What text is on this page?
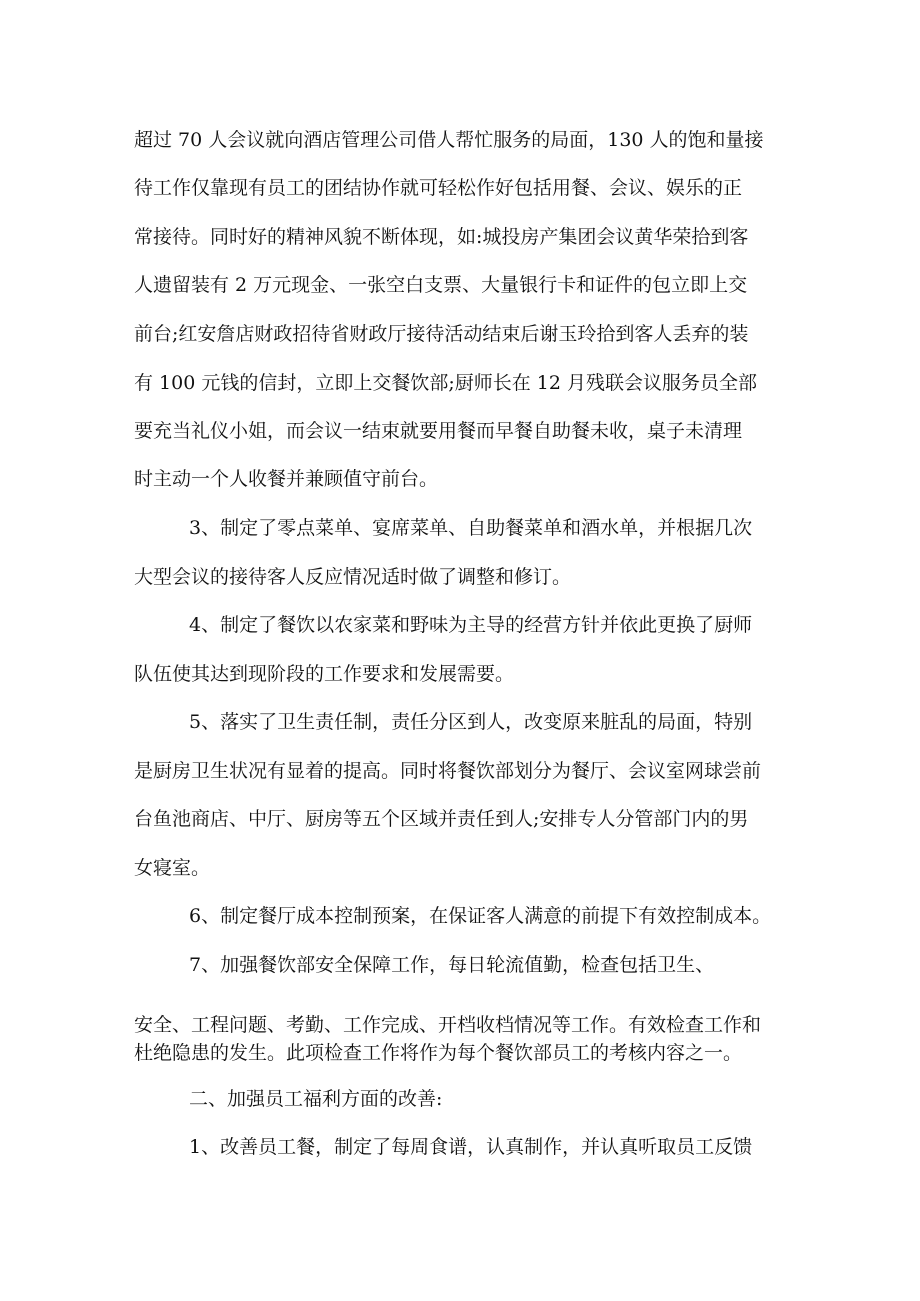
超过 70 人会议就向酒店管理公司借人帮忙服务的局面，130 人的饱和量接
待工作仅靠现有员工的团结协作就可轻松作好包括用餐、会议、娱乐的正
常接待。同时好的精神风貌不断体现，如:城投房产集团会议黄华荣拾到客
人遗留装有 2 万元现金、一张空白支票、大量银行卡和证件的包立即上交
前台;红安詹店财政招待省财政厅接待活动结束后谢玉玲拾到客人丢弃的装
有 100 元钱的信封，立即上交餐饮部;厨师长在 12 月残联会议服务员全部
要充当礼仪小姐，而会议一结束就要用餐而早餐自助餐未收，桌子未清理
时主动一个人收餐并兼顾值守前台。
3、制定了零点菜单、宴席菜单、自助餐菜单和酒水单，并根据几次
大型会议的接待客人反应情况适时做了调整和修订。
4、制定了餐饮以农家菜和野味为主导的经营方针并依此更换了厨师
队伍使其达到现阶段的工作要求和发展需要。
5、落实了卫生责任制，责任分区到人，改变原来脏乱的局面，特别
是厨房卫生状况有显着的提高。同时将餐饮部划分为餐厅、会议室网球尝前
台鱼池商店、中厅、厨房等五个区域并责任到人;安排专人分管部门内的男
女寝室。
6、制定餐厅成本控制预案，在保证客人满意的前提下有效控制成本。
7、加强餐饮部安全保障工作，每日轮流值勤，检查包括卫生、
安全、工程问题、考勤、工作完成、开档收档情况等工作。有效检查工作和
杜绝隐患的发生。此项检查工作将作为每个餐饮部员工的考核内容之一。
二、加强员工福利方面的改善:
1、改善员工餐，制定了每周食谱，认真制作，并认真听取员工反馈
